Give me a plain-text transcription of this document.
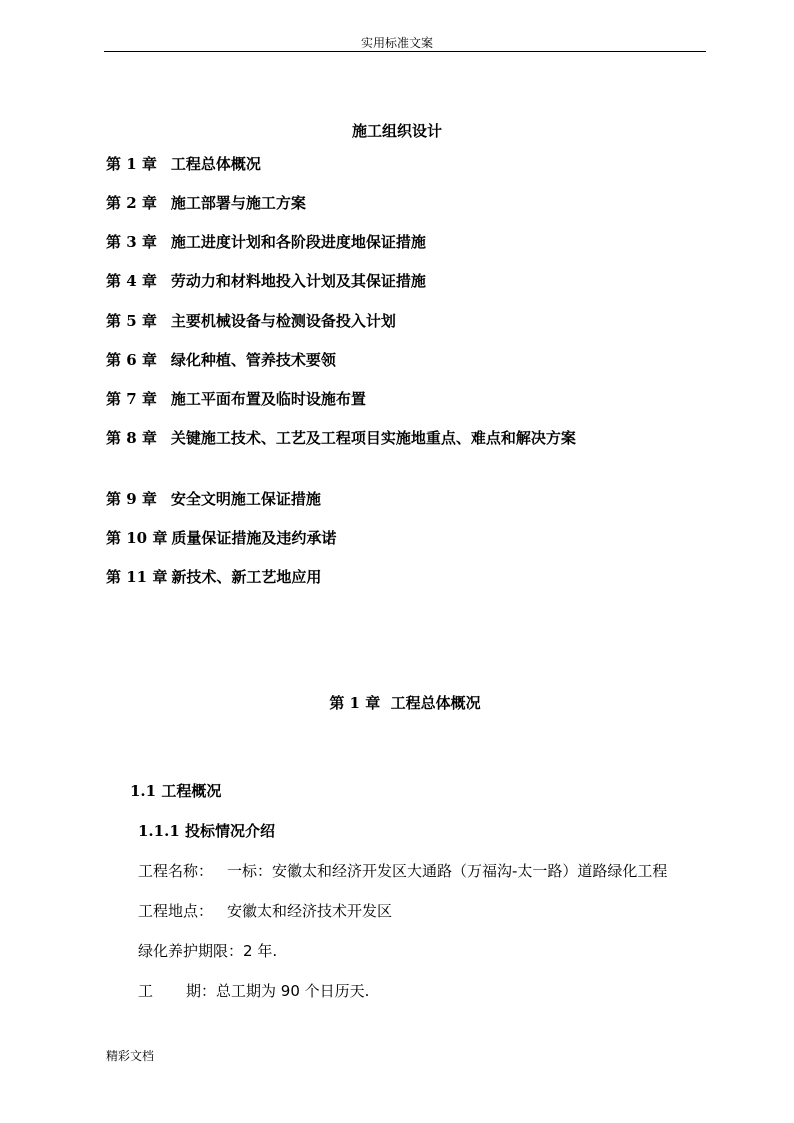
实用标准文案
施工组织设计
第 1 章 工程总体概况
第 2 章 施工部署与施工方案
第 3 章 施工进度计划和各阶段进度地保证措施
第 4 章 劳动力和材料地投入计划及其保证措施
第 5 章 主要机械设备与检测设备投入计划
第 6 章 绿化种植、管养技术要领
第 7 章 施工平面布置及临时设施布置
第 8 章 关键施工技术、工艺及工程项目实施地重点、难点和解决方案
第 9 章 安全文明施工保证措施
第 10 章 质量保证措施及违约承诺
第 11 章 新技术、新工艺地应用
第 1 章  工程总体概况
1.1 工程概况
1.1.1 投标情况介绍
工程名称： 一标：安徽太和经济开发区大通路（万福沟-太一路）道路绿化工程
工程地点： 安徽太和经济技术开发区
绿化养护期限：2 年.
工 期：总工期为 90 个日历天.
精彩文档
